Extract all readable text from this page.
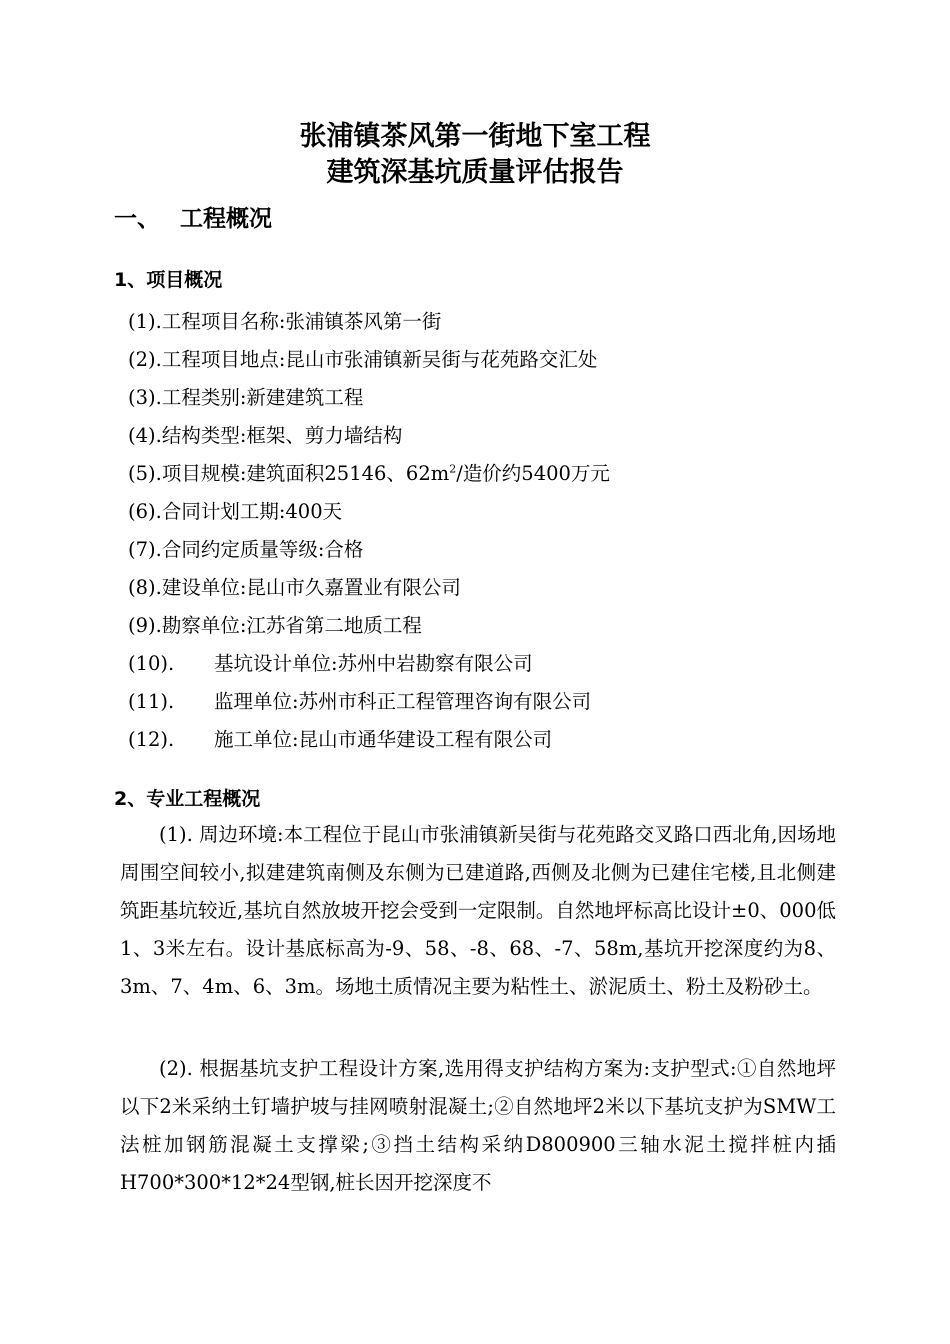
张浦镇茶风第一街地下室工程
建筑深基坑质量评估报告
一、 工程概况
1、项目概况
(1).工程项目名称:张浦镇茶风第一街
(2).工程项目地点:昆山市张浦镇新吴街与花苑路交汇处
(3).工程类别:新建建筑工程
(4).结构类型:框架、剪力墙结构
(5).项目规模:建筑面积25146、$62m^2/$造价约5400万元
(6).合同计划工期:400天
(7).合同约定质量等级:合格
(8).建设单位:昆山市久嘉置业有限公司
(9).勘察单位:江苏省第二地质工程
(10). 基坑设计单位:苏州中岩勘察有限公司
(11). 监理单位:苏州市科正工程管理咨询有限公司
(12). 施工单位:昆山市通华建设工程有限公司
2、专业工程概况
(1). 周边环境:本工程位于昆山市张浦镇新吴街与花苑路交叉路口西北角,因场地周围空间较小,拟建建筑南侧及东侧为已建道路,西侧及北侧为已建住宅楼,且北侧建筑距基坑较近,基坑自然放坡开挖会受到一定限制。自然地坪标高比设计±0、000低1、3米左右。设计基底标高为-9、58、-8、68、-7、58m,基坑开挖深度约为8、3m、7、4m、6、3m。场地土质情况主要为粘性土、淤泥质土、粉土及粉砂土。
(2). 根据基坑支护工程设计方案,选用得支护结构方案为:支护型式:①自然地坪以下2米采纳土钉墙护坡与挂网喷射混凝土;②自然地坪2米以下基坑支护为SMW工法桩加钢筋混凝土支撑梁;③挡土结构采纳D800900三轴水泥土搅拌桩内插H700*300*12*24型钢,桩长因开挖深度不
